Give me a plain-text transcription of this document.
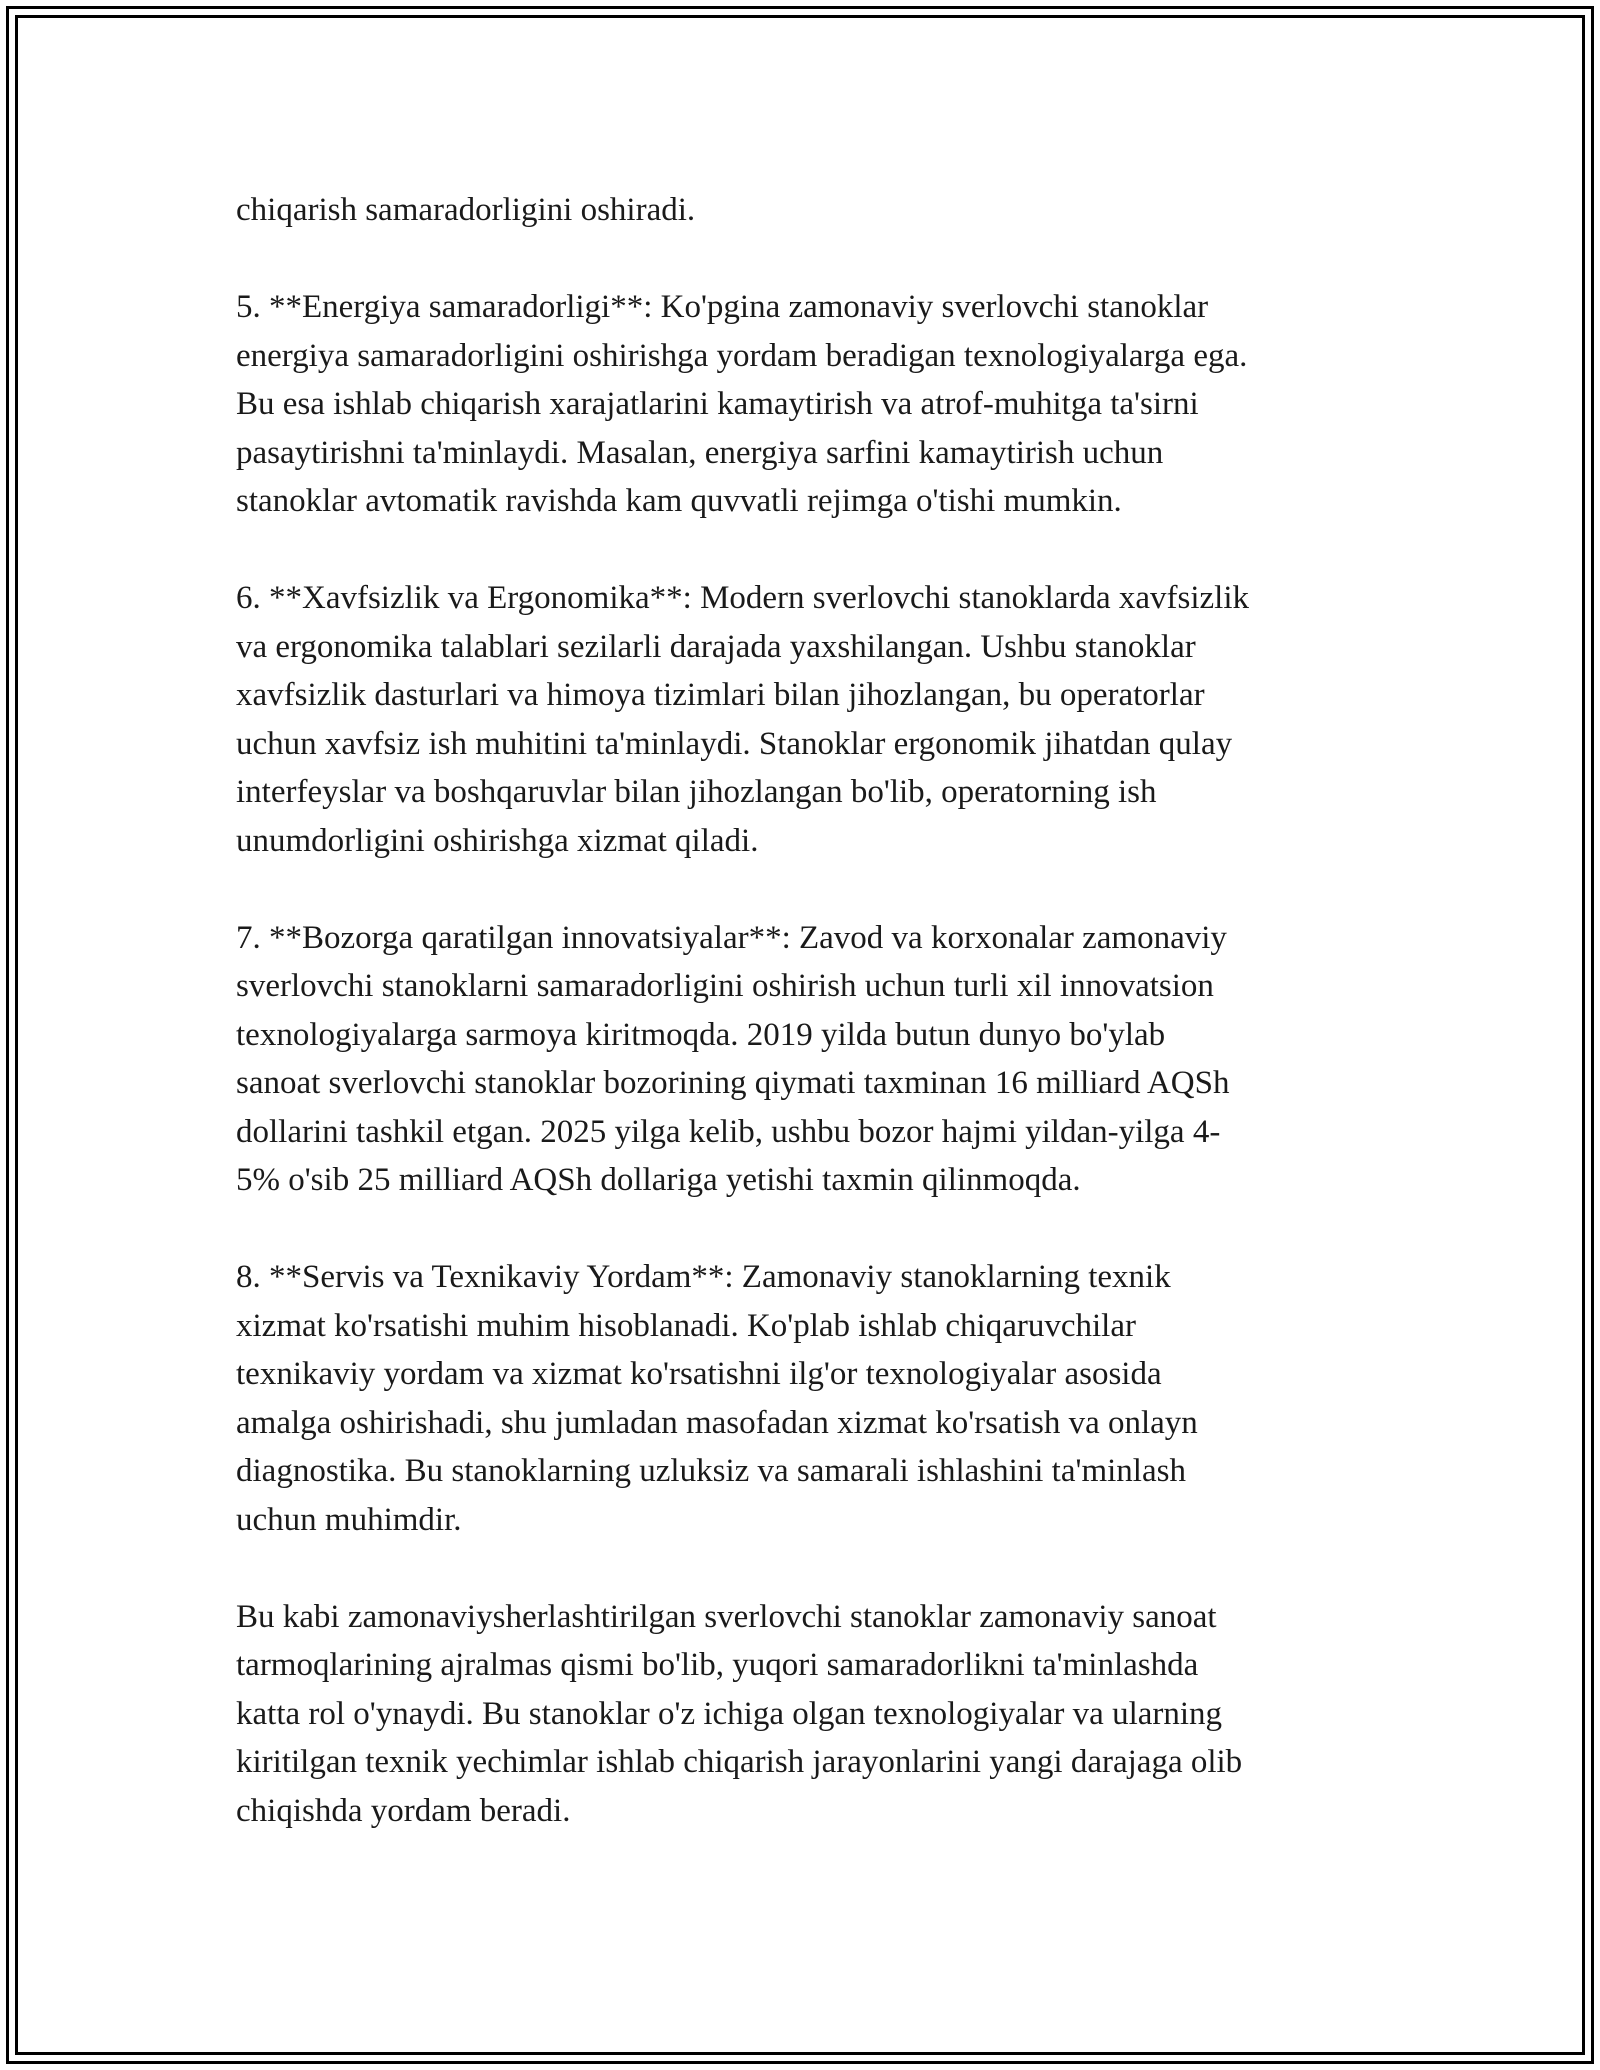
chiqarish samaradorligini oshiradi.
5. **Energiya samaradorligi**: Ko'pgina zamonaviy sverlovchi stanoklar
energiya samaradorligini oshirishga yordam beradigan texnologiyalarga ega.
Bu esa ishlab chiqarish xarajatlarini kamaytirish va atrof-muhitga ta'sirni
pasaytirishni ta'minlaydi. Masalan, energiya sarfini kamaytirish uchun
stanoklar avtomatik ravishda kam quvvatli rejimga o'tishi mumkin.
6. **Xavfsizlik va Ergonomika**: Modern sverlovchi stanoklarda xavfsizlik
va ergonomika talablari sezilarli darajada yaxshilangan. Ushbu stanoklar
xavfsizlik dasturlari va himoya tizimlari bilan jihozlangan, bu operatorlar
uchun xavfsiz ish muhitini ta'minlaydi. Stanoklar ergonomik jihatdan qulay
interfeyslar va boshqaruvlar bilan jihozlangan bo'lib, operatorning ish
unumdorligini oshirishga xizmat qiladi.
7. **Bozorga qaratilgan innovatsiyalar**: Zavod va korxonalar zamonaviy
sverlovchi stanoklarni samaradorligini oshirish uchun turli xil innovatsion
texnologiyalarga sarmoya kiritmoqda. 2019 yilda butun dunyo bo'ylab
sanoat sverlovchi stanoklar bozorining qiymati taxminan 16 milliard AQSh
dollarini tashkil etgan. 2025 yilga kelib, ushbu bozor hajmi yildan-yilga 4-
5% o'sib 25 milliard AQSh dollariga yetishi taxmin qilinmoqda.
8. **Servis va Texnikaviy Yordam**: Zamonaviy stanoklarning texnik
xizmat ko'rsatishi muhim hisoblanadi. Ko'plab ishlab chiqaruvchilar
texnikaviy yordam va xizmat ko'rsatishni ilg'or texnologiyalar asosida
amalga oshirishadi, shu jumladan masofadan xizmat ko'rsatish va onlayn
diagnostika. Bu stanoklarning uzluksiz va samarali ishlashini ta'minlash
uchun muhimdir.
Bu kabi zamonaviysherlashtirilgan sverlovchi stanoklar zamonaviy sanoat
tarmoqlarining ajralmas qismi bo'lib, yuqori samaradorlikni ta'minlashda
katta rol o'ynaydi. Bu stanoklar o'z ichiga olgan texnologiyalar va ularning
kiritilgan texnik yechimlar ishlab chiqarish jarayonlarini yangi darajaga olib
chiqishda yordam beradi.
